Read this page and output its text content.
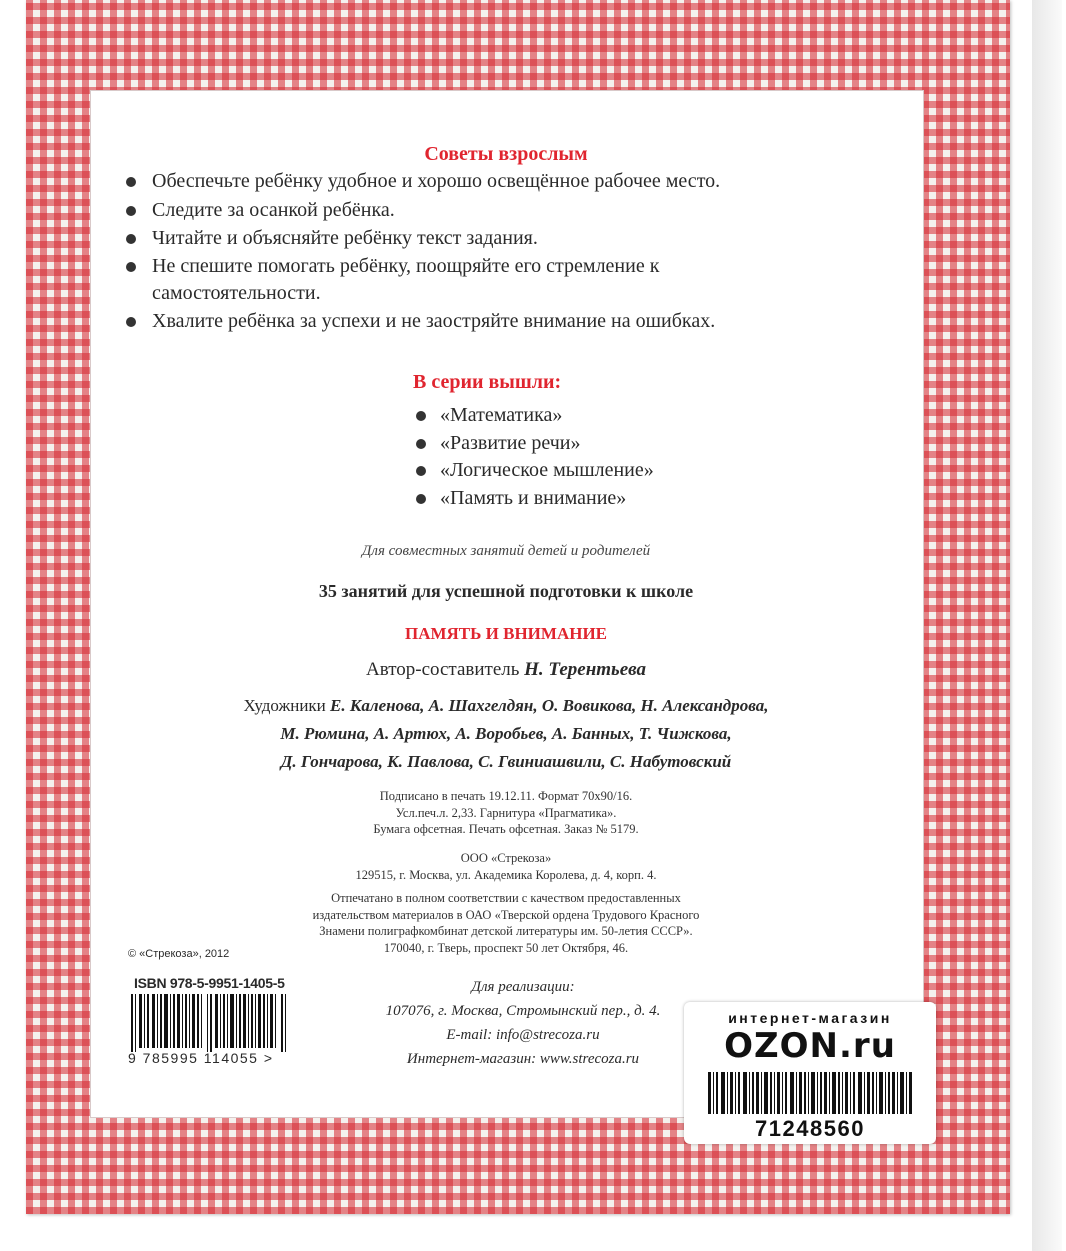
Советы взрослым
Обеспечьте ребёнку удобное и хорошо освещённое рабочее место.
Следите за осанкой ребёнка.
Читайте и объясняйте ребёнку текст задания.
Не спешите помогать ребёнку, поощряйте его стремление к самостоятельности.
Хвалите ребёнка за успехи и не заостряйте внимание на ошибках.
В серии вышли:
«Математика»
«Развитие речи»
«Логическое мышление»
«Память и внимание»
Для совместных занятий детей и родителей
35 занятий для успешной подготовки к школе
ПАМЯТЬ И ВНИМАНИЕ
Автор-составитель Н. Терентьева
Художники Е. Каленова, А. Шахгелдян, О. Вовикова, Н. Александрова,
М. Рюмина, А. Артюх, А. Воробьев, А. Банных, Т. Чижкова,
Д. Гончарова, К. Павлова, С. Гвиниашвили, С. Набутовский
Подписано в печать 19.12.11. Формат 70х90/16.
Усл.печ.л. 2,33. Гарнитура «Прагматика».
Бумага офсетная. Печать офсетная. Заказ № 5179.
ООО «Стрекоза»
129515, г. Москва, ул. Академика Королева, д. 4, корп. 4.
Отпечатано в полном соответствии с качеством предоставленных
издательством материалов в ОАО «Тверской ордена Трудового Красного
Знамени полиграфкомбинат детской литературы им. 50-летия СССР».
170040, г. Тверь, проспект 50 лет Октября, 46.
© «Стрекоза», 2012
ISBN 978-5-9951-1405-5
9 785995 114055 >
Для реализации:
107076, г. Москва, Стромынский пер., д. 4.
E-mail: info@strecoza.ru
Интернет-магазин: www.strecoza.ru
интернет-магазин
OZON.ru
71248560
